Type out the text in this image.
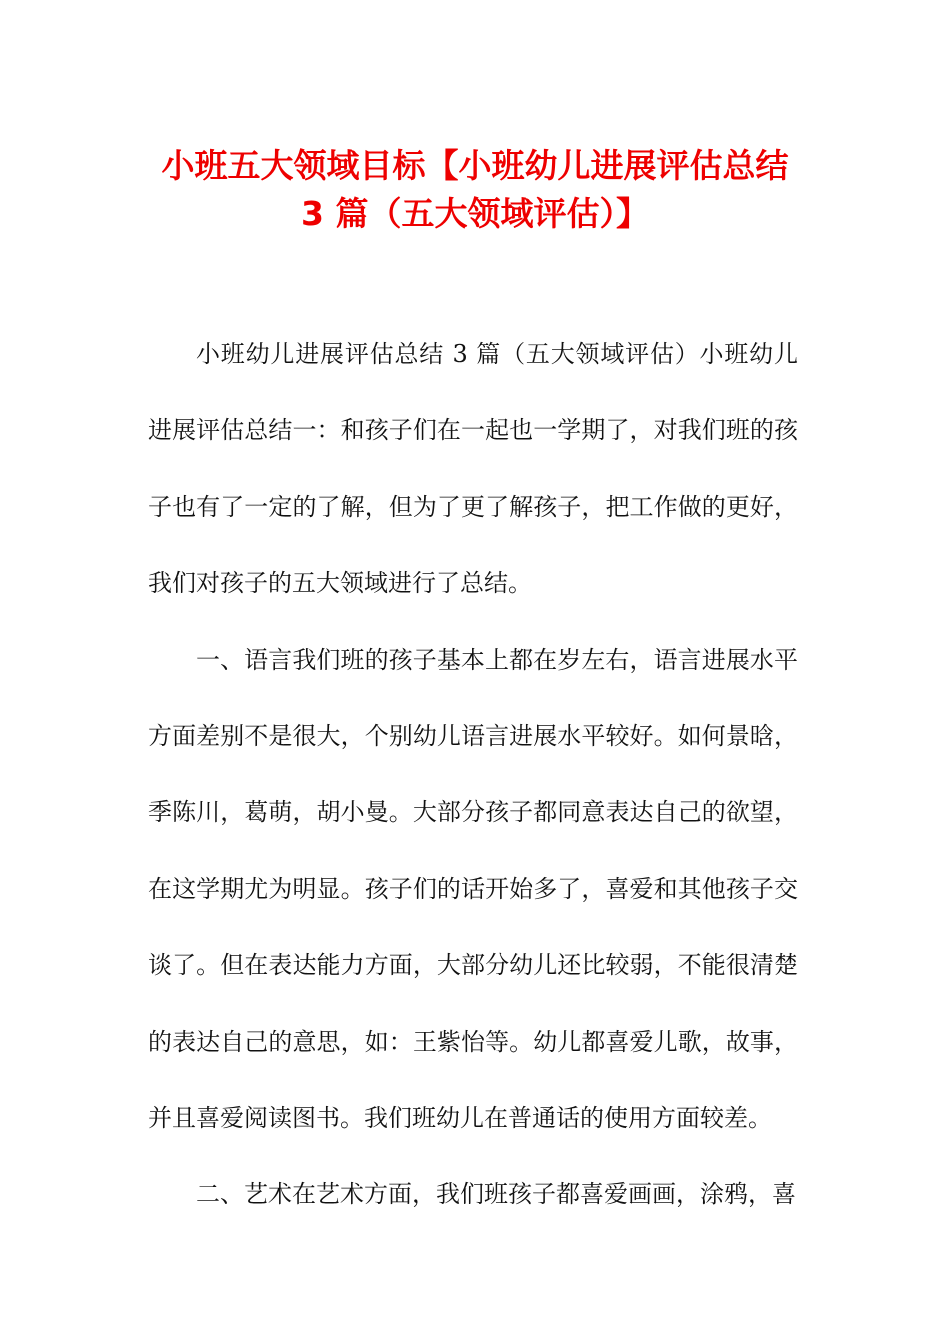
小班五大领域目标【小班幼儿进展评估总结
3 篇（五大领域评估）】

小班幼儿进展评估总结 3 篇（五大领域评估）小班幼儿进展评估总结一：和孩子们在一起也一学期了，对我们班的孩子也有了一定的了解，但为了更了解孩子，把工作做的更好，我们对孩子的五大领域进行了总结。

一、语言我们班的孩子基本上都在岁左右，语言进展水平方面差别不是很大，个别幼儿语言进展水平较好。如何景晗，季陈川，葛萌，胡小曼。大部分孩子都同意表达自己的欲望，在这学期尤为明显。孩子们的话开始多了，喜爱和其他孩子交谈了。但在表达能力方面，大部分幼儿还比较弱，不能很清楚的表达自己的意思，如：王紫怡等。幼儿都喜爱儿歌，故事，并且喜爱阅读图书。我们班幼儿在普通话的使用方面较差。

二、艺术在艺术方面，我们班孩子都喜爱画画，涂鸦，喜
